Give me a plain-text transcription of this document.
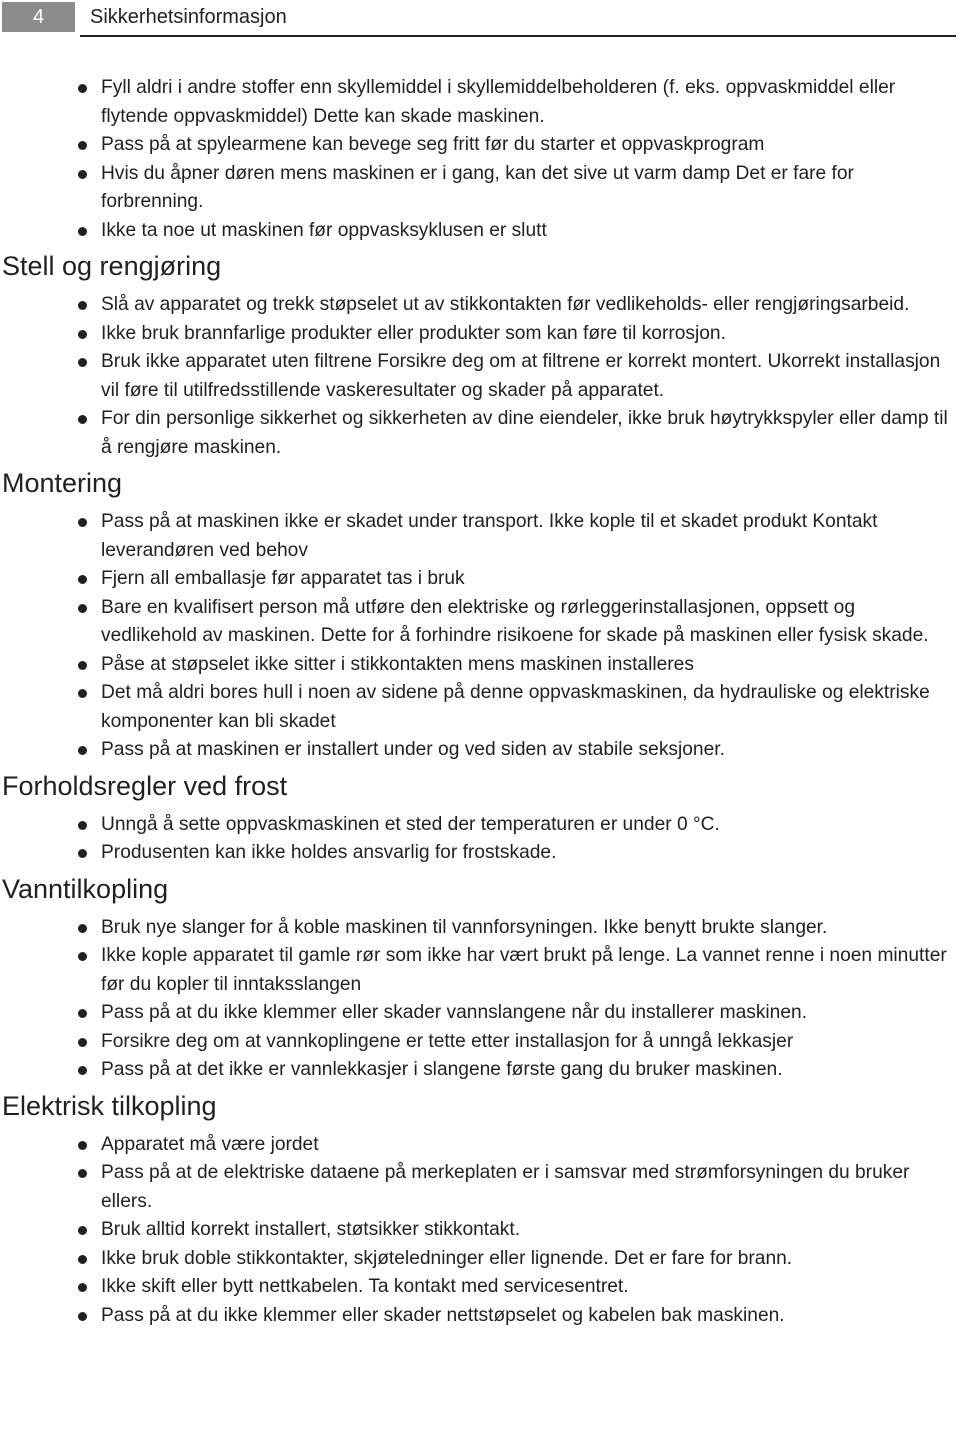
4	Sikkerhetsinformasjon
Fyll aldri i andre stoffer enn skyllemiddel i skyllemiddelbeholderen (f. eks. oppvaskmiddel eller flytende oppvaskmiddel) Dette kan skade maskinen.
Pass på at spylearmene kan bevege seg fritt før du starter et oppvaskprogram
Hvis du åpner døren mens maskinen er i gang, kan det sive ut varm damp Det er fare for forbrenning.
Ikke ta noe ut maskinen før oppvasksyklusen er slutt
Stell og rengjøring
Slå av apparatet og trekk støpselet ut av stikkontakten før vedlikeholds- eller rengjøringsarbeid.
Ikke bruk brannfarlige produkter eller produkter som kan føre til korrosjon.
Bruk ikke apparatet uten filtrene Forsikre deg om at filtrene er korrekt montert. Ukorrekt installasjon vil føre til utilfredsstillende vaskeresultater og skader på apparatet.
For din personlige sikkerhet og sikkerheten av dine eiendeler, ikke bruk høytrykkspyler eller damp til å rengjøre maskinen.
Montering
Pass på at maskinen ikke er skadet under transport. Ikke kople til et skadet produkt Kontakt leverandøren ved behov
Fjern all emballasje før apparatet tas i bruk
Bare en kvalifisert person må utføre den elektriske og rørleggerinstallasjonen, oppsett og vedlikehold av maskinen. Dette for å forhindre risikoene for skade på maskinen eller fysisk skade.
Påse at støpselet ikke sitter i stikkontakten mens maskinen installeres
Det må aldri bores hull i noen av sidene på denne oppvaskmaskinen, da hydrauliske og elektriske komponenter kan bli skadet
Pass på at maskinen er installert under og ved siden av stabile seksjoner.
Forholdsregler ved frost
Unngå å sette oppvaskmaskinen et sted der temperaturen er under 0 °C.
Produsenten kan ikke holdes ansvarlig for frostskade.
Vanntilkopling
Bruk nye slanger for å koble maskinen til vannforsyningen. Ikke benytt brukte slanger.
Ikke kople apparatet til gamle rør som ikke har vært brukt på lenge. La vannet renne i noen minutter før du kopler til inntaksslangen
Pass på at du ikke klemmer eller skader vannslangene når du installerer maskinen.
Forsikre deg om at vannkoplingene er tette etter installasjon for å unngå lekkasjer
Pass på at det ikke er vannlekkasjer i slangene første gang du bruker maskinen.
Elektrisk tilkopling
Apparatet må være jordet
Pass på at de elektriske dataene på merkeplaten er i samsvar med strømforsyningen du bruker ellers.
Bruk alltid korrekt installert, støtsikker stikkontakt.
Ikke bruk doble stikkontakter, skjøteledninger eller lignende. Det er fare for brann.
Ikke skift eller bytt nettkabelen. Ta kontakt med servicesentret.
Pass på at du ikke klemmer eller skader nettstøpselet og kabelen bak maskinen.
